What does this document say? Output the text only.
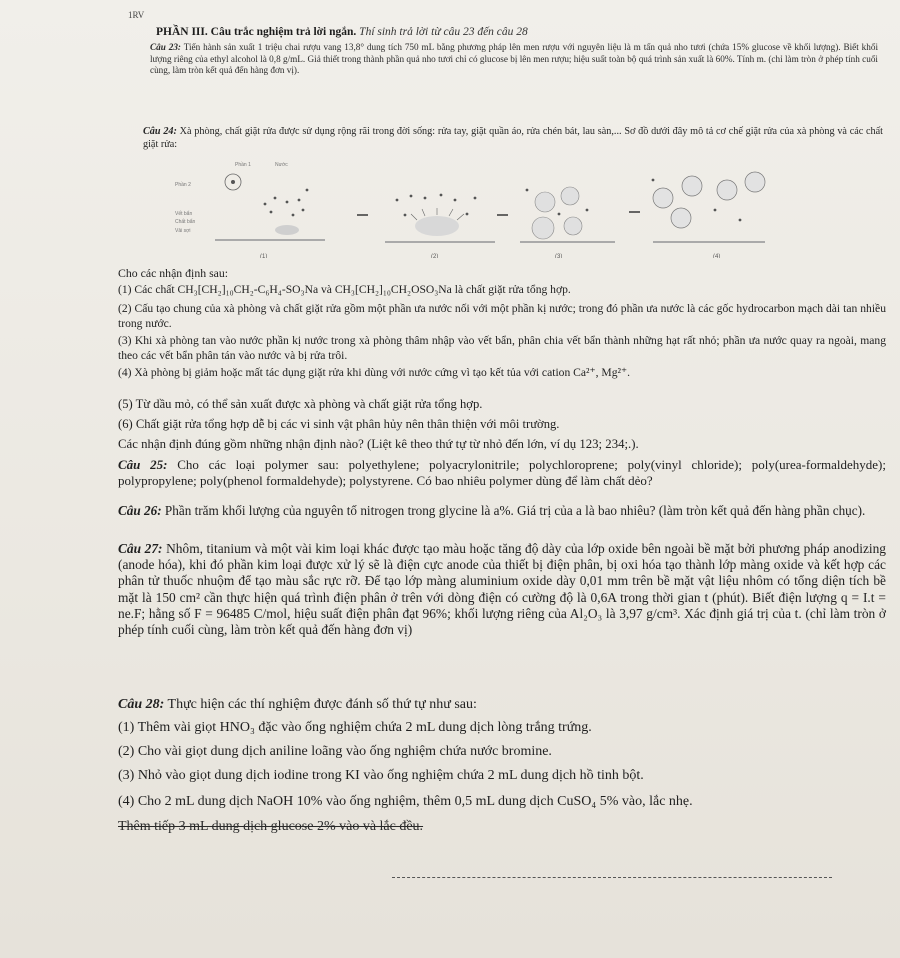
1RV
PHẦN III. Câu trắc nghiệm trả lời ngắn. Thí sinh trả lời từ câu 23 đến câu 28
Câu 23: Tiến hành sản xuất 1 triệu chai rượu vang 13,8° dung tích 750 mL bằng phương pháp lên men rượu với nguyên liệu là m tấn quả nho tươi (chứa 15% glucose về khối lượng). Biết khối lượng riêng của ethyl alcohol là 0,8 g/mL. Giả thiết trong thành phần quả nho tươi chỉ có glucose bị lên men rượu; hiệu suất toàn bộ quá trình sản xuất là 60%. Tính m. (chỉ làm tròn ở phép tính cuối cùng, làm tròn kết quả đến hàng đơn vị).
Câu 24: Xà phòng, chất giặt rửa được sử dụng rộng rãi trong đời sống: rửa tay, giặt quần áo, rửa chén bát, lau sàn,... Sơ đồ dưới đây mô tả cơ chế giặt rửa của xà phòng và các chất giặt rửa:
Phần 1	Nước
Phần 2
Vết bẩn
Chất bẩn
Vải sợi
(1)	(2)	(3)	(4)
Cho các nhận định sau:
(1) Các chất CH₃[CH₂]₁₀CH₂-C₆H₄-SO₃Na và CH₃[CH₂]₁₀CH₂OSO₃Na là chất giặt rửa tổng hợp.
(2) Cấu tạo chung của xà phòng và chất giặt rửa gồm một phần ưa nước nối với một phần kị nước; trong đó phần ưa nước là các gốc hydrocarbon mạch dài tan nhiều trong nước.
(3) Khi xà phòng tan vào nước phần kị nước trong xà phòng thâm nhập vào vết bẩn, phân chia vết bẩn thành những hạt rất nhỏ; phần ưa nước quay ra ngoài, mang theo các vết bẩn phân tán vào nước và bị rửa trôi.
(4) Xà phòng bị giảm hoặc mất tác dụng giặt rửa khi dùng với nước cứng vì tạo kết tủa với cation Ca²⁺, Mg²⁺.
(5) Từ dầu mỏ, có thể sản xuất được xà phòng và chất giặt rửa tổng hợp.
(6) Chất giặt rửa tổng hợp dễ bị các vi sinh vật phân hủy nên thân thiện với môi trường.
Các nhận định đúng gồm những nhận định nào? (Liệt kê theo thứ tự từ nhỏ đến lớn, ví dụ 123; 234;.).
Câu 25: Cho các loại polymer sau: polyethylene; polyacrylonitrile; polychloroprene; poly(vinyl chloride); poly(urea-formaldehyde); polypropylene; poly(phenol formaldehyde); polystyrene. Có bao nhiêu polymer dùng để làm chất dẻo?
Câu 26: Phần trăm khối lượng của nguyên tố nitrogen trong glycine là a%. Giá trị của a là bao nhiêu? (làm tròn kết quả đến hàng phần chục).
Câu 27: Nhôm, titanium và một vài kim loại khác được tạo màu hoặc tăng độ dày của lớp oxide bên ngoài bề mặt bởi phương pháp anodizing (anode hóa), khi đó phần kim loại được xử lý sẽ là điện cực anode của thiết bị điện phân, bị oxi hóa tạo thành lớp màng oxide và kết hợp các phân tử thuốc nhuộm để tạo màu sắc rực rỡ. Để tạo lớp màng aluminium oxide dày 0,01 mm trên bề mặt vật liệu nhôm có tổng diện tích bề mặt là 150 cm² cần thực hiện quá trình điện phân ở trên với dòng điện có cường độ là 0,6A trong thời gian t (phút). Biết điện lượng q = I.t = ne.F; hằng số F = 96485 C/mol, hiệu suất điện phân đạt 96%; khối lượng riêng của Al₂O₃ là 3,97 g/cm³. Xác định giá trị của t. (chỉ làm tròn ở phép tính cuối cùng, làm tròn kết quả đến hàng đơn vị)
Câu 28: Thực hiện các thí nghiệm được đánh số thứ tự như sau:
(1) Thêm vài giọt HNO₃ đặc vào ống nghiệm chứa 2 mL dung dịch lòng trắng trứng.
(2) Cho vài giọt dung dịch aniline loãng vào ống nghiệm chứa nước bromine.
(3) Nhỏ vào giọt dung dịch iodine trong KI vào ống nghiệm chứa 2 mL dung dịch hồ tinh bột.
(4) Cho 2 mL dung dịch NaOH 10% vào ống nghiệm, thêm 0,5 mL dung dịch CuSO₄ 5% vào, lắc nhẹ.
Thêm tiếp 3 mL dung dịch glucose 2% vào và lắc đều.
